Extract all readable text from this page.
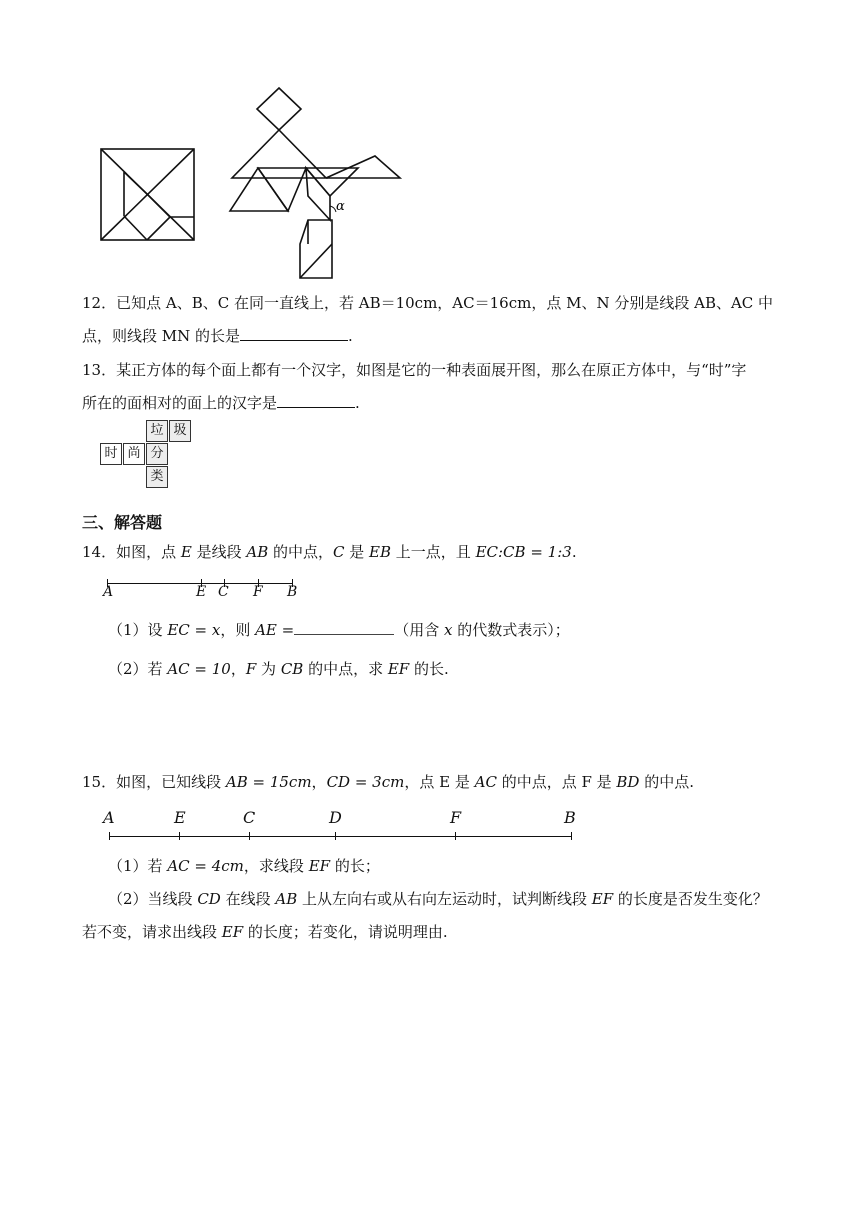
α
12．已知点 A、B、C 在同一直线上，若 AB＝10cm，AC＝16cm，点 M、N 分别是线段 AB、AC 中
点，则线段 MN 的长是	.
13．某正方体的每个面上都有一个汉字，如图是它的一种表面展开图，那么在原正方体中，与“时”字
所在的面相对的面上的汉字是	.
垃 圾
时 尚 分
类
三、解答题
14．如图，点 E 是线段 AB 的中点，C 是 EB 上一点，且 EC:CB = 1:3.
A	E C F B
（1）设 EC = x，则 AE =	（用含 x 的代数式表示）；
（2）若 AC = 10，F 为 CB 的中点，求 EF 的长.
15．如图，已知线段 AB = 15cm，CD = 3cm，点 E 是 AC 的中点，点 F 是 BD 的中点.
A	E	C	D	F	B
（1）若 AC = 4cm，求线段 EF 的长；
（2）当线段 CD 在线段 AB 上从左向右或从右向左运动时，试判断线段 EF 的长度是否发生变化？
若不变，请求出线段 EF 的长度；若变化，请说明理由.
